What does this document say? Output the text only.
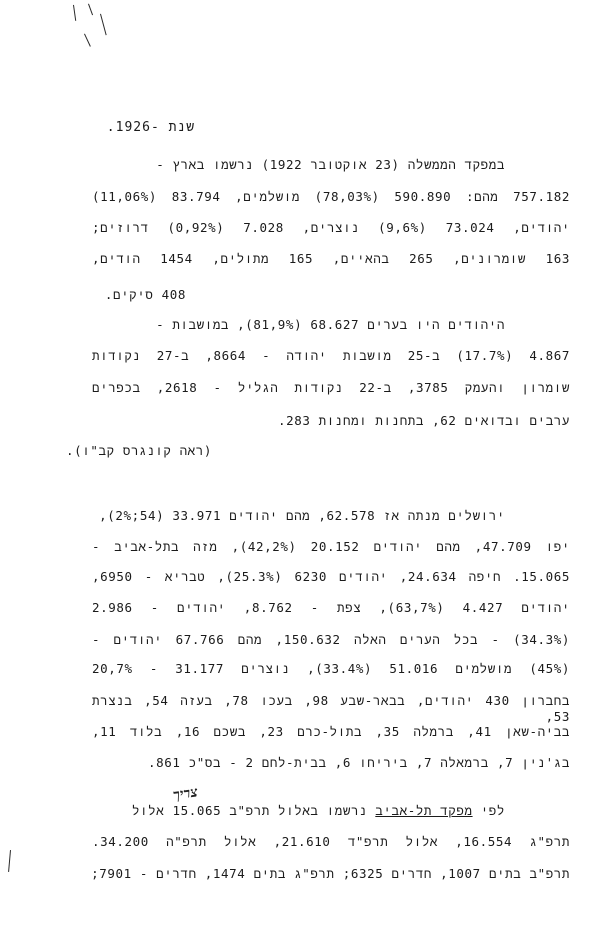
שנת -1926.
במפקד הממשלה (23 אוקטובר 1922) נרשמו בארץ -
757.182 מהם: 590.890 (78,03%) מושלמים, 83.794 (11,06%)
יהודים, 73.024 (9,6%) נוצרים, 7.028 (0,92%) דרוזים;
163 שומרונים, 265 בהאיים, 165 מתולים, 1454 הודים,
408 סיקים.
היהודים היו בערים 68.627 (81,9%), במושבות -
4.867 (17.7%) ב-25 מושבות יהודה - 8664, ב-27 נקודות
שומרון והעמק 3785, ב-22 נקודות הגליל - 2618, בכפרים
ערבים ובדואים 62, בתחנות ומחנות 283.
(ראה קונגרס קב"ו).
ירושלים מנתה אז 62.578, מהם יהודים 33.971 (54;2%),
יפו 47.709, מהם יהודים 20.152 (42,2%), מזה בתל-אביב -
15.065. חיפה 24.634, יהודים 6230 (25.3%), טבריא - 6950,
יהודים 4.427 (63,7%), צפת - 8.762, יהודים - 2.986
(34.3%) - בכל הערים האלה 150.632, מהם 67.766 יהודים -
(45%) מושלמים 51.016 (33.4%), נוצרים 31.177 - 20,7%
בחברון 430 יהודים, בבאר-שבע 98, בעכו 78, בעזה 54, בנצרת 53,
בביה-שאן 41, ברמלה 35, בתול-כרם 23, בשכם 16, בלוד 11,
בג'נין 7, ברמאלה 7, ביריחו 6, בבית-לחם 2 - בס"כ 861.
לפי מפקד תל-אביב נרשמו באלול תרפ"ב 15.065 אלול
צריך
תרפ"ג 16.554, אלול תרפ"ד 21.610, אלול תרפ"ה 34.200.
תרפ"ב בתים 1007, חדרים 6325; תרפ"ג בתים 1474, חדרים - 7901;
